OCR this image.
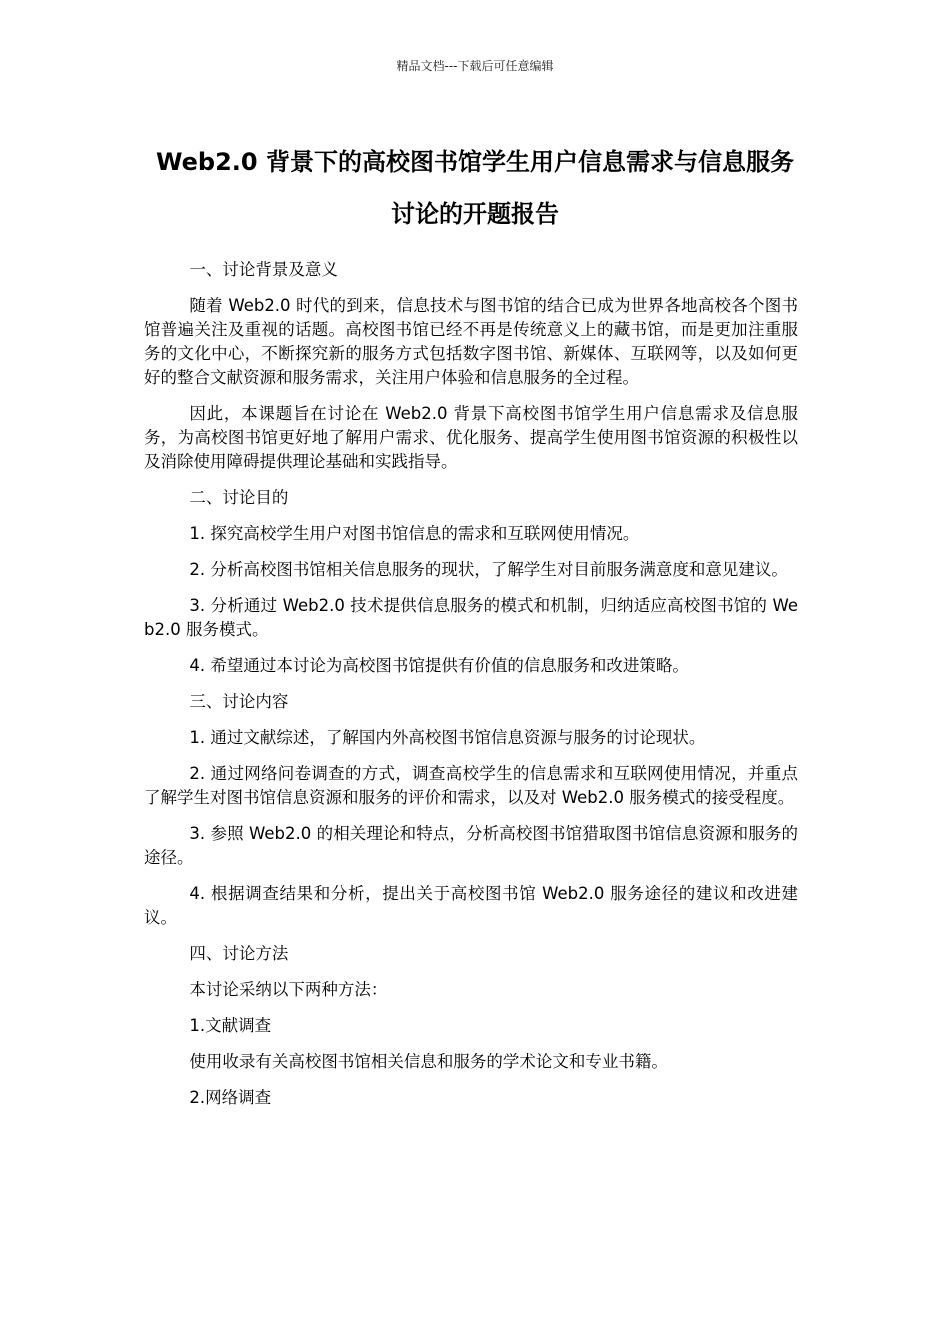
精品文档---下载后可任意编辑
Web2.0 背景下的高校图书馆学生用户信息需求与信息服务
讨论的开题报告

一、讨论背景及意义

随着 Web2.0 时代的到来，信息技术与图书馆的结合已成为世界各地高校各个图书馆普遍关注及重视的话题。高校图书馆已经不再是传统意义上的藏书馆，而是更加注重服务的文化中心，不断探究新的服务方式包括数字图书馆、新媒体、互联网等，以及如何更好的整合文献资源和服务需求，关注用户体验和信息服务的全过程。

因此，本课题旨在讨论在 Web2.0 背景下高校图书馆学生用户信息需求及信息服务，为高校图书馆更好地了解用户需求、优化服务、提高学生使用图书馆资源的积极性以及消除使用障碍提供理论基础和实践指导。

二、讨论目的

1. 探究高校学生用户对图书馆信息的需求和互联网使用情况。

2. 分析高校图书馆相关信息服务的现状，了解学生对目前服务满意度和意见建议。

3. 分析通过 Web2.0 技术提供信息服务的模式和机制，归纳适应高校图书馆的 Web2.0 服务模式。

4. 希望通过本讨论为高校图书馆提供有价值的信息服务和改进策略。

三、讨论内容

1. 通过文献综述，了解国内外高校图书馆信息资源与服务的讨论现状。

2. 通过网络问卷调查的方式，调查高校学生的信息需求和互联网使用情况，并重点了解学生对图书馆信息资源和服务的评价和需求，以及对 Web2.0 服务模式的接受程度。

3. 参照 Web2.0 的相关理论和特点，分析高校图书馆猎取图书馆信息资源和服务的途径。

4. 根据调查结果和分析，提出关于高校图书馆 Web2.0 服务途径的建议和改进建议。

四、讨论方法

本讨论采纳以下两种方法：

1.文献调查

使用收录有关高校图书馆相关信息和服务的学术论文和专业书籍。

2.网络调查
